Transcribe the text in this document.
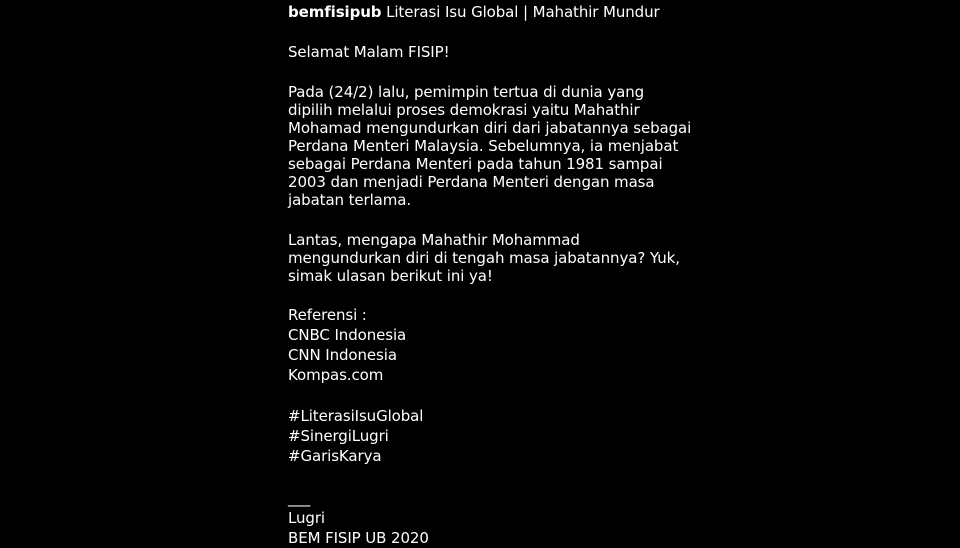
bemfisipub Literasi Isu Global | Mahathir Mundur

Selamat Malam FISIP!

Pada (24/2) lalu, pemimpin tertua di dunia yang
dipilih melalui proses demokrasi yaitu Mahathir
Mohamad mengundurkan diri dari jabatannya sebagai
Perdana Menteri Malaysia. Sebelumnya, ia menjabat
sebagai Perdana Menteri pada tahun 1981 sampai
2003 dan menjadi Perdana Menteri dengan masa
jabatan terlama.

Lantas, mengapa Mahathir Mohammad
mengundurkan diri di tengah masa jabatannya? Yuk,
simak ulasan berikut ini ya!

Referensi :
CNBC Indonesia
CNN Indonesia
Kompas.com
#LiterasiIsuGlobal
#SinergiLugri
#GarisKarya
___
Lugri
BEM FISIP UB 2020
